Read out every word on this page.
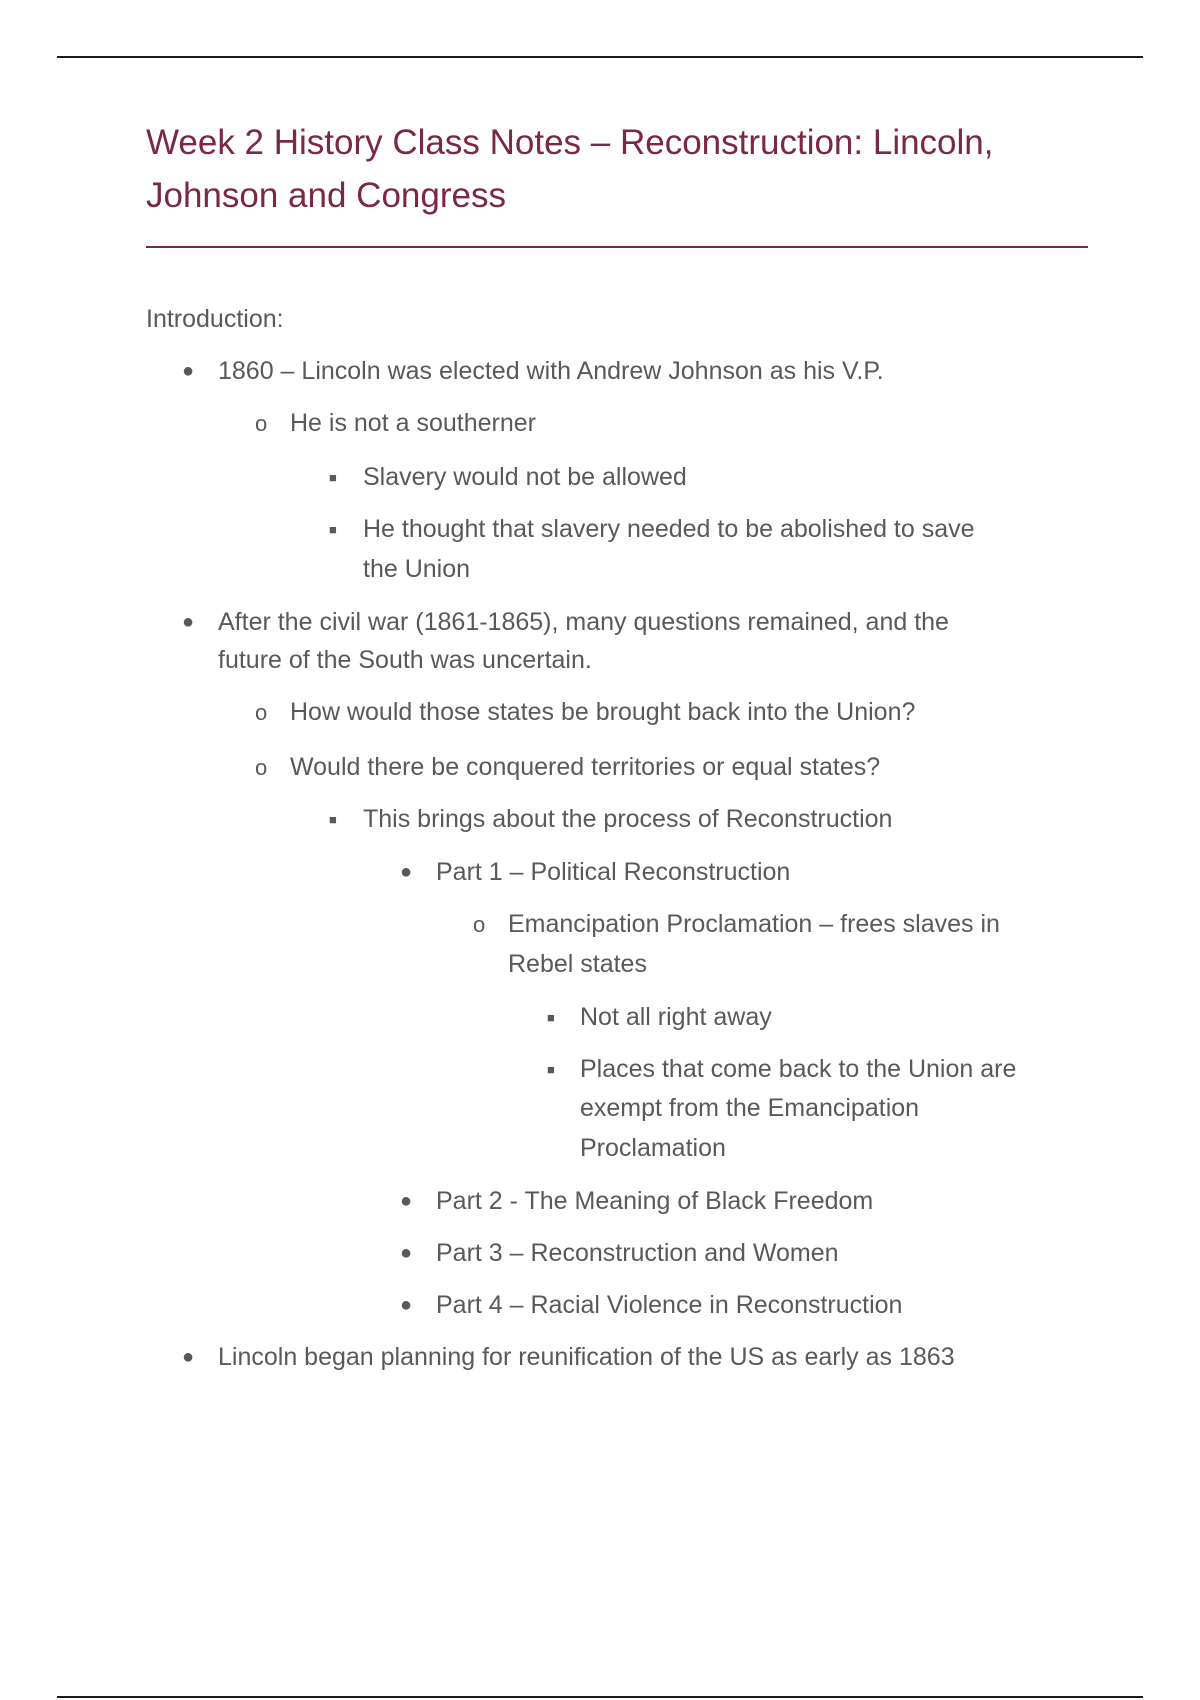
Week 2 History Class Notes – Reconstruction: Lincoln,
Johnson and Congress
Introduction:
● 1860 – Lincoln was elected with Andrew Johnson as his V.P.
o He is not a southerner
■ Slavery would not be allowed
■ He thought that slavery needed to be abolished to save
the Union
● After the civil war (1861-1865), many questions remained, and the
future of the South was uncertain.
o How would those states be brought back into the Union?
o Would there be conquered territories or equal states?
■ This brings about the process of Reconstruction
● Part 1 – Political Reconstruction
o Emancipation Proclamation – frees slaves in
Rebel states
■ Not all right away
■ Places that come back to the Union are
exempt from the Emancipation
Proclamation
● Part 2 - The Meaning of Black Freedom
● Part 3 – Reconstruction and Women
● Part 4 – Racial Violence in Reconstruction
● Lincoln began planning for reunification of the US as early as 1863
